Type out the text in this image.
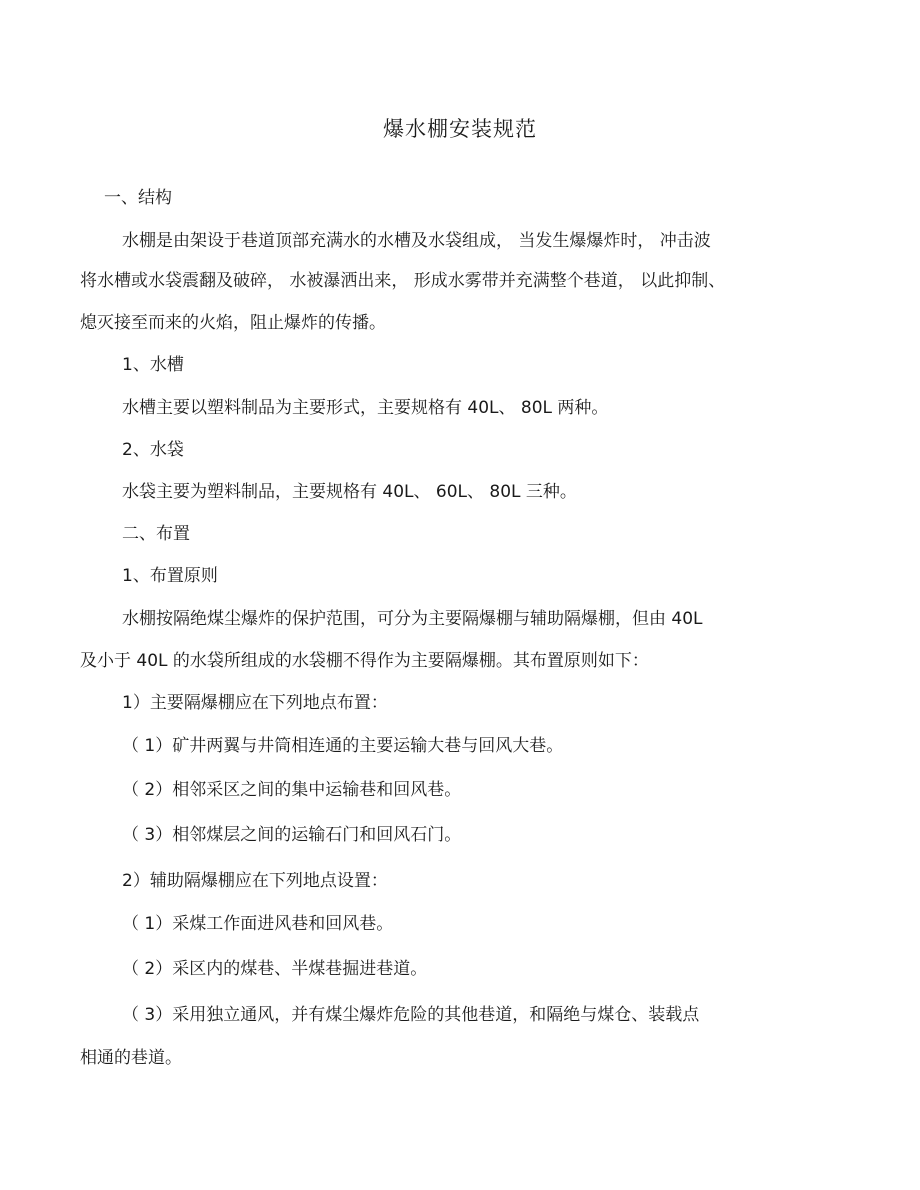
爆水棚安装规范
一、结构
水棚是由架设于巷道顶部充满水的水槽及水袋组成， 当发生爆爆炸时， 冲击波
将水槽或水袋震翻及破碎， 水被瀑洒出来， 形成水雾带并充满整个巷道， 以此抑制、
熄灭接至而来的火焰，阻止爆炸的传播。
1、水槽
水槽主要以塑料制品为主要形式，主要规格有 40L、 80L 两种。
2、水袋
水袋主要为塑料制品，主要规格有 40L、 60L、 80L 三种。
二、布置
1、布置原则
水棚按隔绝煤尘爆炸的保护范围，可分为主要隔爆棚与辅助隔爆棚，但由 40L
及小于 40L 的水袋所组成的水袋棚不得作为主要隔爆棚。其布置原则如下：
1）主要隔爆棚应在下列地点布置：
（ 1）矿井两翼与井筒相连通的主要运输大巷与回风大巷。
（ 2）相邻采区之间的集中运输巷和回风巷。
（ 3）相邻煤层之间的运输石门和回风石门。
2）辅助隔爆棚应在下列地点设置：
（ 1）采煤工作面进风巷和回风巷。
（ 2）采区内的煤巷、半煤巷掘进巷道。
（ 3）采用独立通风，并有煤尘爆炸危险的其他巷道，和隔绝与煤仓、装载点
相通的巷道。
